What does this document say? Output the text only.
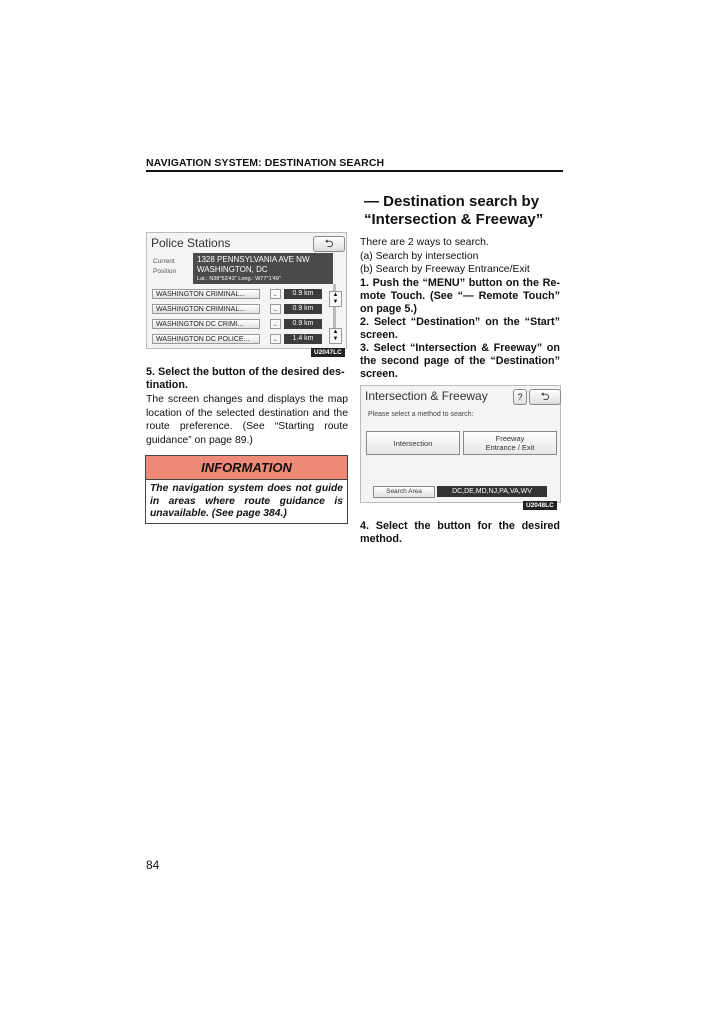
NAVIGATION SYSTEM: DESTINATION SEARCH
Police Stations	⮌
Current
Position
1328 PENNSYLVANIA AVE NW
WASHINGTON, DC
Lat.: N38°53'43" Long.: W77°1'49"
WASHINGTON CRIMINAL...	←	0.9 km
WASHINGTON CRIMINAL...	←	0.9 km
WASHINGTON DC CRIMI...	←	0.9 km
WASHINGTON DC POLICE...	←	1.4 km
▲
▼
▲
▼
U2047LC
5. Select the button of the desired des-tination.
The screen changes and displays the map location of the selected destination and the route preference. (See “Starting route guidance” on page 89.)
INFORMATION
The navigation system does not guide in areas where route guidance is unavailable. (See page 384.)
— Destination search by
“Intersection & Freeway”
There are 2 ways to search.
(a) Search by intersection
(b) Search by Freeway Entrance/Exit
1. Push the “MENU” button on the Re-mote Touch. (See “— Remote Touch” on page 5.)
2. Select “Destination” on the “Start” screen.
3. Select “Intersection & Freeway” on the second page of the “Destination” screen.
Intersection & Freeway	?	⮌
Please select a method to search:
Intersection	Freeway
Entrance / Exit
Search Area	DC,DE,MD,NJ,PA,VA,WV
U2048LC
4. Select the button for the desired method.
84
